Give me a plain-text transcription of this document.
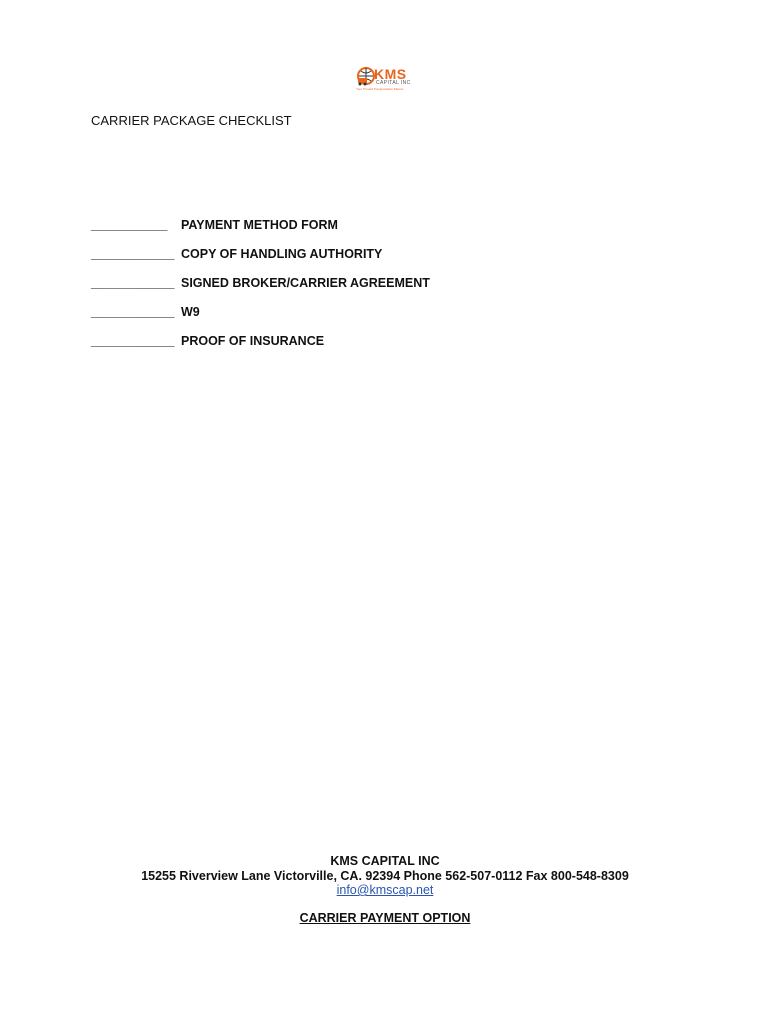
KMS
CAPITAL INC
Your Trusted Transportation Partner
CARRIER PACKAGE CHECKLIST
___________ PAYMENT METHOD FORM
____________ COPY OF HANDLING AUTHORITY
____________ SIGNED BROKER/CARRIER AGREEMENT
____________ W9
____________ PROOF OF INSURANCE
KMS CAPITAL INC
15255 Riverview Lane Victorville, CA. 92394 Phone 562-507-0112 Fax 800-548-8309
info@kmscap.net
CARRIER PAYMENT OPTION
